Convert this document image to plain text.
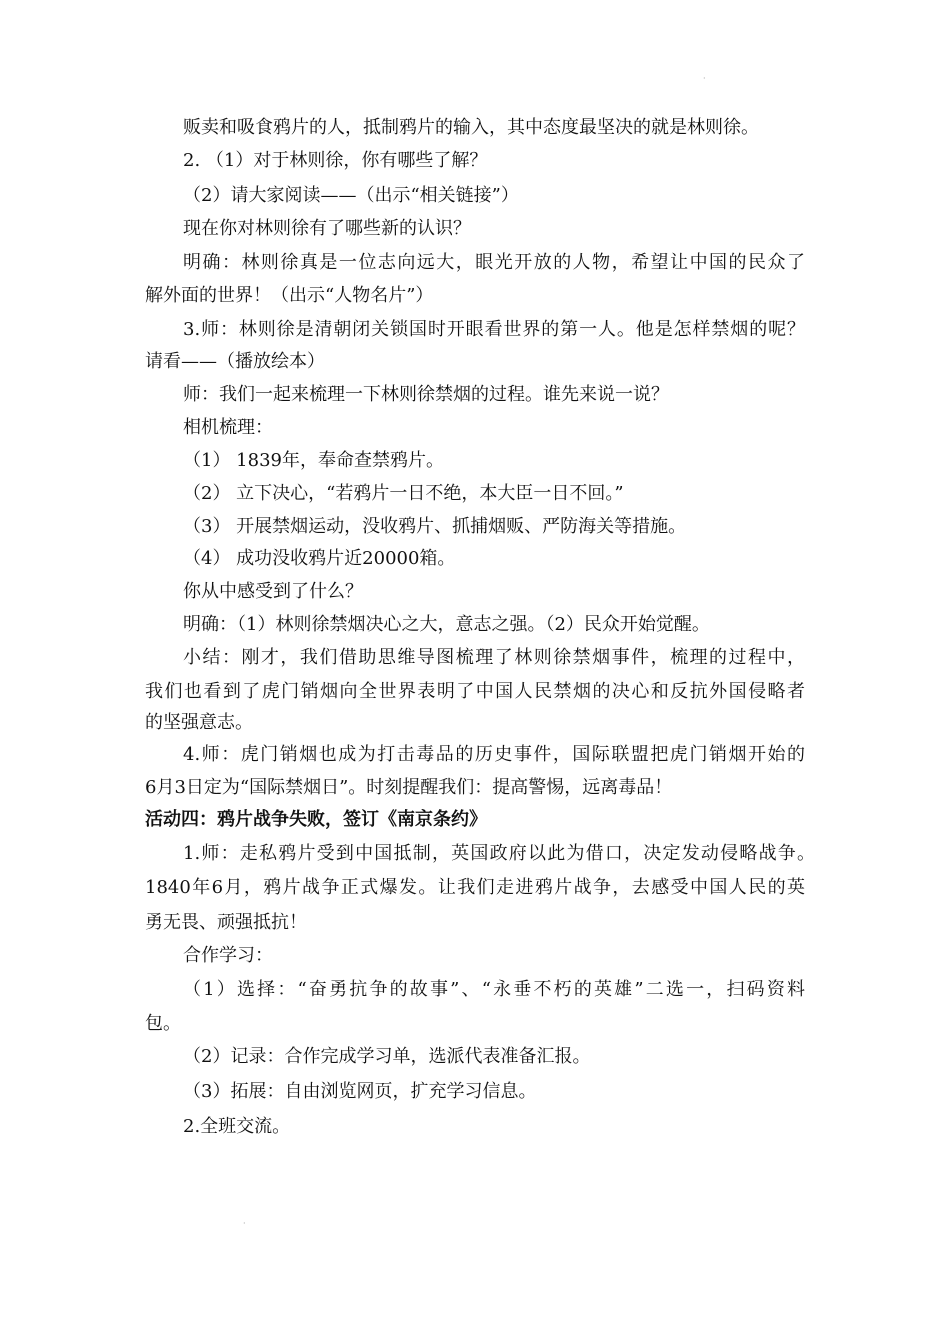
·
贩卖和吸食鸦片的人，抵制鸦片的输入，其中态度最坚决的就是林则徐。
2. （1）对于林则徐，你有哪些了解？
（2）请大家阅读——（出示“相关链接”）
现在你对林则徐有了哪些新的认识？
明确：林则徐真是一位志向远大，眼光开放的人物，希望让中国的民众了
解外面的世界！（出示“人物名片”）
3.师：林则徐是清朝闭关锁国时开眼看世界的第一人。他是怎样禁烟的呢？
请看——（播放绘本）
师：我们一起来梳理一下林则徐禁烟的过程。谁先来说一说？
相机梳理：
（1） 1839年，奉命查禁鸦片。
（2） 立下决心，“若鸦片一日不绝，本大臣一日不回。”
（3） 开展禁烟运动，没收鸦片、抓捕烟贩、严防海关等措施。
（4） 成功没收鸦片近20000箱。
你从中感受到了什么？
明确：（1）林则徐禁烟决心之大，意志之强。（2）民众开始觉醒。
小结：刚才，我们借助思维导图梳理了林则徐禁烟事件，梳理的过程中，
我们也看到了虎门销烟向全世界表明了中国人民禁烟的决心和反抗外国侵略者
的坚强意志。
4.师：虎门销烟也成为打击毒品的历史事件，国际联盟把虎门销烟开始的
6月3日定为“国际禁烟日”。时刻提醒我们：提高警惕，远离毒品！
活动四：鸦片战争失败，签订《南京条约》
1.师：走私鸦片受到中国抵制，英国政府以此为借口，决定发动侵略战争。
1840年6月，鸦片战争正式爆发。让我们走进鸦片战争，去感受中国人民的英
勇无畏、顽强抵抗！
合作学习：
（1）选择：“奋勇抗争的故事”、“永垂不朽的英雄”二选一，扫码资料
包。
（2）记录：合作完成学习单，选派代表准备汇报。
（3）拓展：自由浏览网页，扩充学习信息。
2.全班交流。
·
